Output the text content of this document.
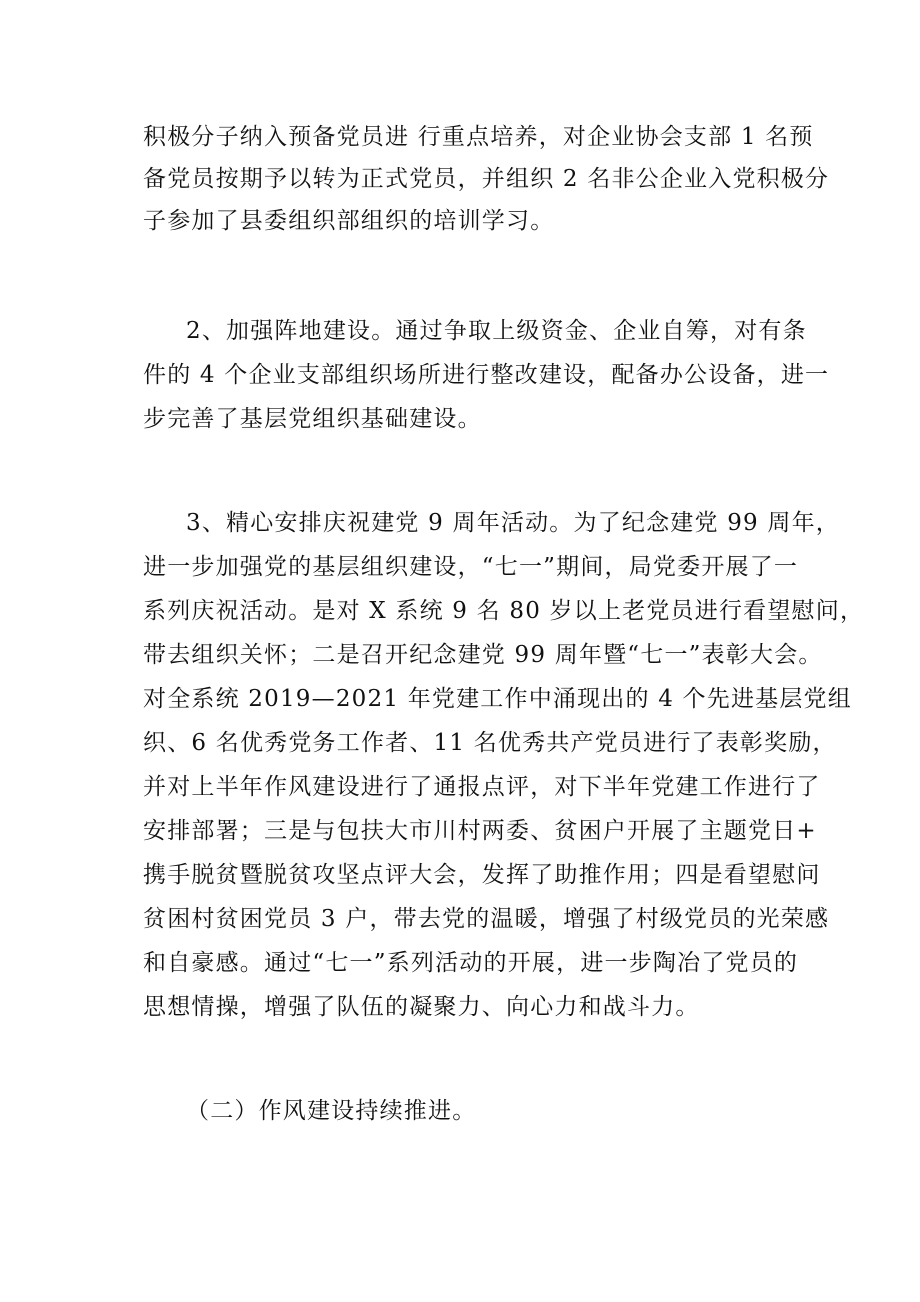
积极分子纳入预备党员进 行重点培养，对企业协会支部 1 名预
备党员按期予以转为正式党员，并组织 2 名非公企业入党积极分
子参加了县委组织部组织的培训学习。
2、加强阵地建设。通过争取上级资金、企业自筹，对有条
件的 4 个企业支部组织场所进行整改建设，配备办公设备，进一
步完善了基层党组织基础建设。
3、精心安排庆祝建党 9 周年活动。为了纪念建党 99 周年，
进一步加强党的基层组织建设，“七一”期间，局党委开展了一
系列庆祝活动。是对 X 系统 9 名 80 岁以上老党员进行看望慰问，
带去组织关怀；二是召开纪念建党 99 周年暨“七一”表彰大会。
对全系统 2019—2021 年党建工作中涌现出的 4 个先进基层党组
织、6 名优秀党务工作者、11 名优秀共产党员进行了表彰奖励，
并对上半年作风建设进行了通报点评，对下半年党建工作进行了
安排部署；三是与包扶大市川村两委、贫困户开展了主题党日+
携手脱贫暨脱贫攻坚点评大会，发挥了助推作用；四是看望慰问
贫困村贫困党员 3 户，带去党的温暖，增强了村级党员的光荣感
和自豪感。通过“七一”系列活动的开展，进一步陶冶了党员的
思想情操，增强了队伍的凝聚力、向心力和战斗力。
（二）作风建设持续推进。
